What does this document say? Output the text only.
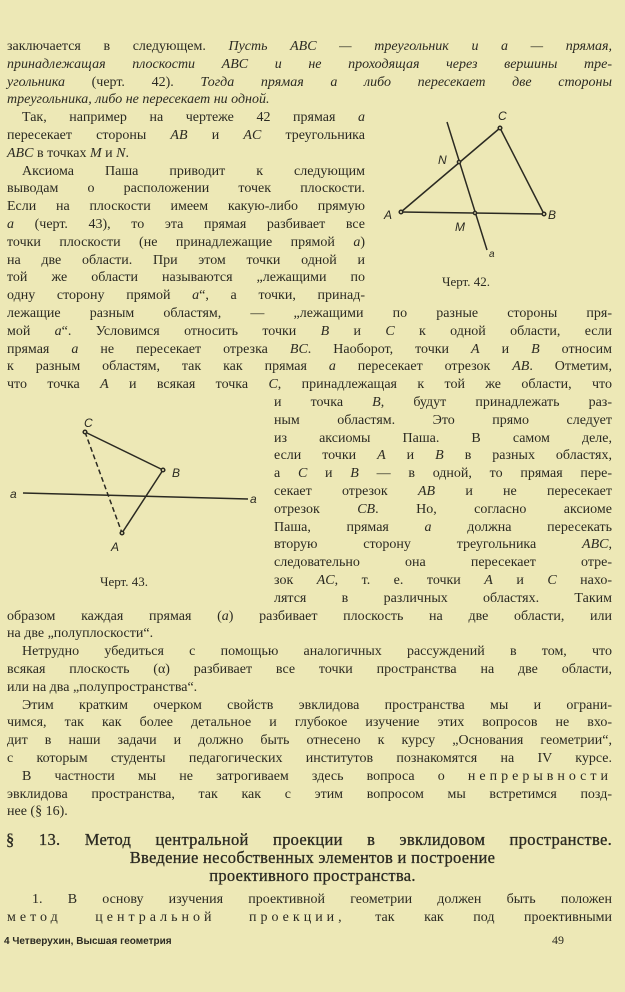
заключается в следующем. Пусть ABC — треугольник и a — прямая,
принадлежащая плоскости ABC и не проходящая через вершины тре-
угольника (черт. 42). Тогда прямая a либо пересекает две стороны
треугольника, либо не пересекает ни одной.
Так, например на чертеже 42 прямая a
пересекает стороны AB и AC треугольника
ABC в точках M и N.
Аксиома Паша приводит к следующим
выводам о расположении точек плоскости.
Если на плоскости имеем какую-либо прямую
a (черт. 43), то эта прямая разбивает все
точки плоскости (не принадлежащие прямой a)
на две области. При этом точки одной и
той же области называются „лежащими по
одну сторону прямой a“, а точки, принад-
лежащие разным областям, — „лежащими по разные стороны пря-
мой a“. Условимся относить точки B и C к одной области, если
прямая a не пересекает отрезка BC. Наоборот, точки A и B относим
к разным областям, так как прямая a пересекает отрезок AB. Отметим,
что точка A и всякая точка C, принадлежащая к той же области, что
и точка B, будут принадлежать раз-
ным областям. Это прямо следует
из аксиомы Паша. В самом деле,
если точки A и B в разных областях,
а C и B — в одной, то прямая пере-
секает отрезок AB и не пересекает
отрезок CB. Но, согласно аксиоме
Паша, прямая a должна пересекать
вторую сторону треугольника ABC,
следовательно она пересекает отре-
зок AC, т. е. точки A и C нахо-
лятся в различных областях. Таким
образом каждая прямая (a) разбивает плоскость на две области, или
на две „полуплоскости“.
Нетрудно убедиться с помощью аналогичных рассуждений в том, что
всякая плоскость (α) разбивает все точки пространства на две области,
или на два „полупространства“.
Этим кратким очерком свойств эвклидова пространства мы и ограни-
чимся, так как более детальное и глубокое изучение этих вопросов не вхо-
дит в наши задачи и должно быть отнесено к курсу „Основания геометрии“,
с которым студенты педагогических институтов познакомятся на IV курсе.
В частности мы не затрогиваем здесь вопроса о непрерывности
эвклидова пространства, так как с этим вопросом мы встретимся позд-
нее (§ 16).
1. В основу изучения проективной геометрии должен быть положен
метод центральной проекции, так как под проективными
§ 13. Метод центральной проекции в эвклидовом пространстве.
Введение несобственных элементов и построение
проективного пространства.
C
N
A	B
M
a
C
B
A
a	a
Черт. 42.
Черт. 43.
4 Четверухин, Высшая геометрия	49
